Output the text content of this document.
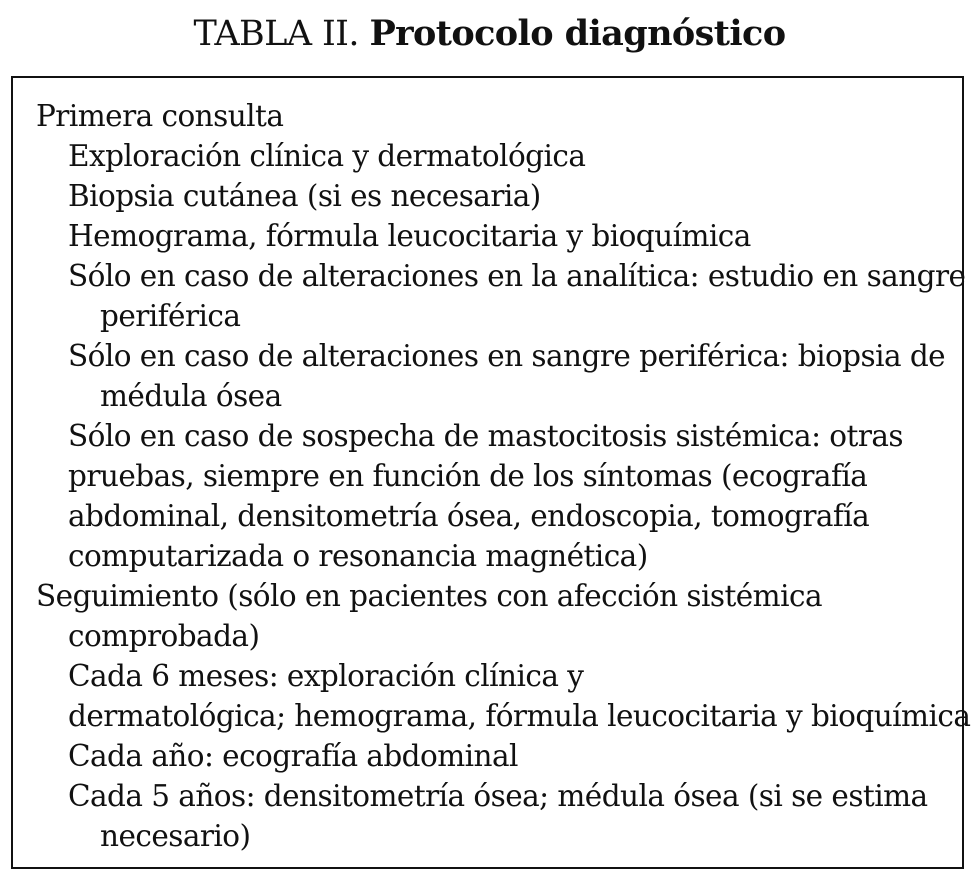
TABLA II. Protocolo diagnóstico
Primera consulta
Exploración clínica y dermatológica
Biopsia cutánea (si es necesaria)
Hemograma, fórmula leucocitaria y bioquímica
Sólo en caso de alteraciones en la analítica: estudio en sangre
periférica
Sólo en caso de alteraciones en sangre periférica: biopsia de
médula ósea
Sólo en caso de sospecha de mastocitosis sistémica: otras
pruebas, siempre en función de los síntomas (ecografía
abdominal, densitometría ósea, endoscopia, tomografía
computarizada o resonancia magnética)
Seguimiento (sólo en pacientes con afección sistémica
comprobada)
Cada 6 meses: exploración clínica y
dermatológica; hemograma, fórmula leucocitaria y bioquímica
Cada año: ecografía abdominal
Cada 5 años: densitometría ósea; médula ósea (si se estima
necesario)
